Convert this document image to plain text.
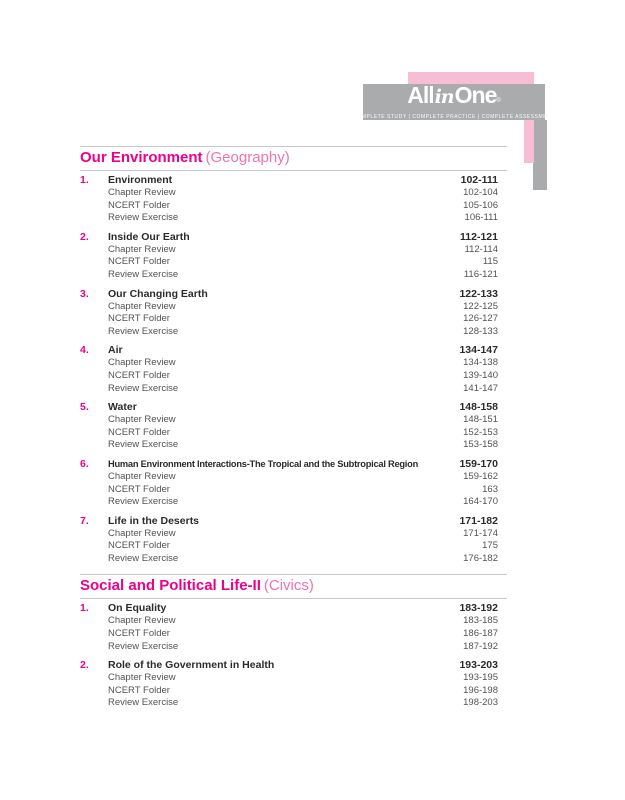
AllinOne®
COMPLETE STUDY | COMPLETE PRACTICE | COMPLETE ASSESSMENT
Our Environment (Geography)
1.	Environment	102-111
Chapter Review	102-104
NCERT Folder	105-106
Review Exercise	106-111
2.	Inside Our Earth	112-121
Chapter Review	112-114
NCERT Folder	115
Review Exercise	116-121
3.	Our Changing Earth	122-133
Chapter Review	122-125
NCERT Folder	126-127
Review Exercise	128-133
4.	Air	134-147
Chapter Review	134-138
NCERT Folder	139-140
Review Exercise	141-147
5.	Water	148-158
Chapter Review	148-151
NCERT Folder	152-153
Review Exercise	153-158
6.	Human Environment Interactions-The Tropical and the Subtropical Region	159-170
Chapter Review	159-162
NCERT Folder	163
Review Exercise	164-170
7.	Life in the Deserts	171-182
Chapter Review	171-174
NCERT Folder	175
Review Exercise	176-182
Social and Political Life-II (Civics)
1.	On Equality	183-192
Chapter Review	183-185
NCERT Folder	186-187
Review Exercise	187-192
2.	Role of the Government in Health	193-203
Chapter Review	193-195
NCERT Folder	196-198
Review Exercise	198-203
